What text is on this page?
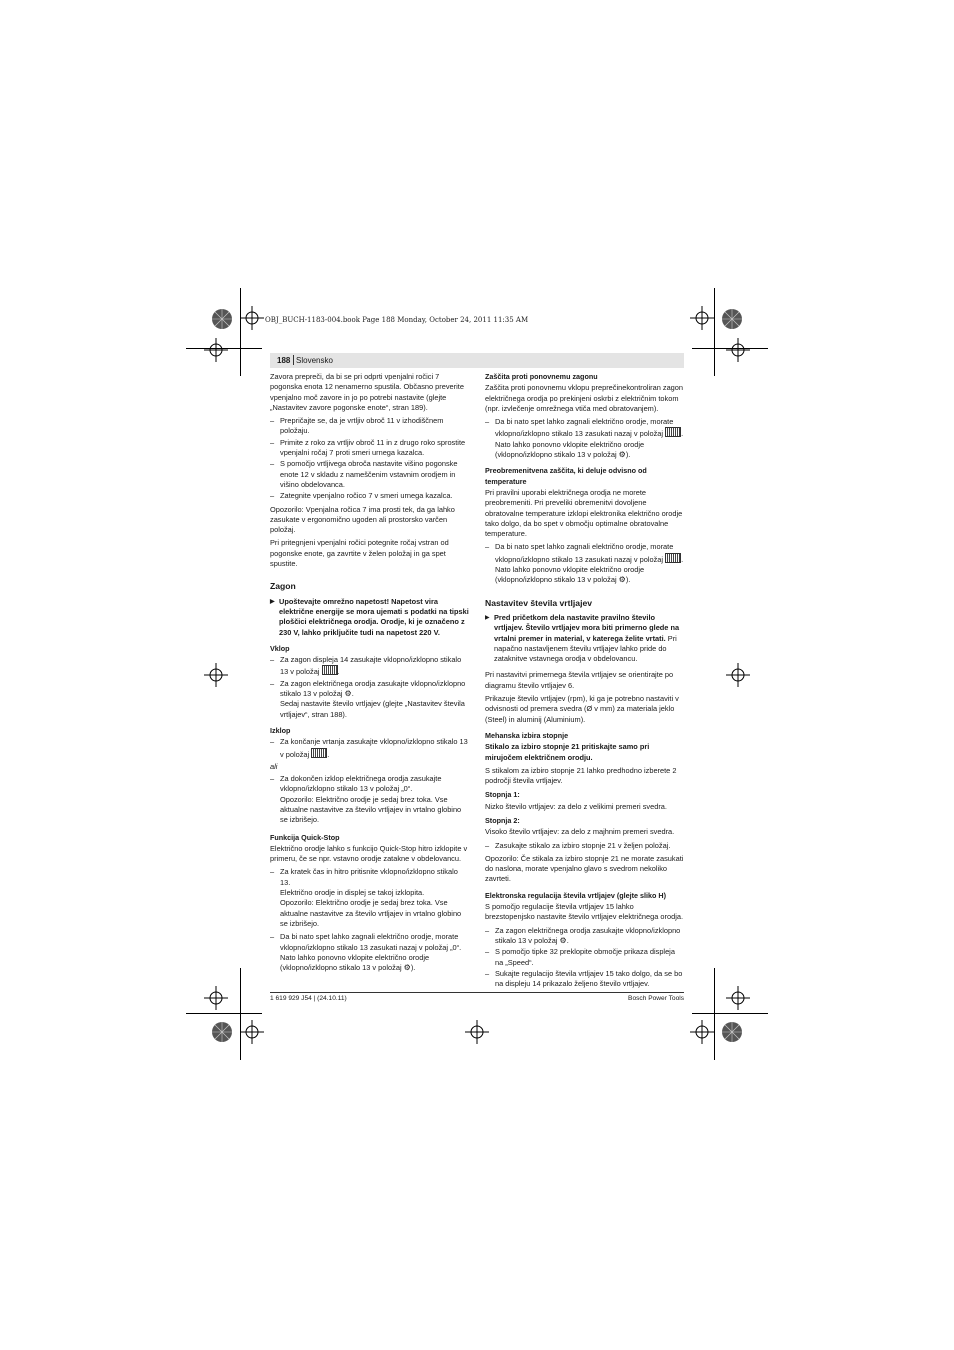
OBJ_BUCH-1183-004.book Page 188 Monday, October 24, 2011 11:35 AM
188 Slovensko

Zavora prepreči, da bi se pri odprti vpenjalni ročici 7 pogonska enota 12 nenamerno spustila. Občasno preverite vpenjalno moč zavore in jo po potrebi nastavite (glejte „Nastavitev zavore pogonske enote“, stran 189).

– Prepričajte se, da je vrtljiv obroč 11 v izhodiščnem položaju.
– Primite z roko za vrtljiv obroč 11 in z drugo roko sprostite vpenjalni ročaj 7 proti smeri urnega kazalca.
– S pomočjo vrtljivega obroča nastavite višino pogonske enote 12 v skladu z nameščenim vstavnim orodjem in višino obdelovanca.
– Zategnite vpenjalno ročico 7 v smeri urnega kazalca.

Opozorilo: Vpenjalna ročica 7 ima prosti tek, da ga lahko zasukate v ergonomično ugoden ali prostorsko varčen položaj.

Pri pritegnjeni vpenjalni ročici potegnite ročaj vstran od pogonske enote, ga zavrtite v želen položaj in ga spet spustite.

Zagon
▶ Upoštevajte omrežno napetost! Napetost vira električne energije se mora ujemati s podatki na tipski ploščici električnega orodja. Orodje, ki je označeno z 230 V, lahko priključite tudi na napetost 220 V.
Vklop
– Za zagon displeja 14 zasukajte vklopno/izklopno stikalo 13 v položaj .
– Za zagon električnega orodja zasukajte vklopno/izklopno stikalo 13 v položaj ⚙.
Sedaj nastavite število vrtljajev (glejte „Nastavitev števila vrtljajev“, stran 188).
Izklop
– Za končanje vrtanja zasukajte vklopno/izklopno stikalo 13 v položaj .
ali
– Za dokončen izklop električnega orodja zasukajte vklopno/izklopno stikalo 13 v položaj „0“.
Opozorilo: Električno orodje je sedaj brez toka. Vse aktualne nastavitve za število vrtljajev in vrtalno globino se izbrišejo.
Funkcija Quick-Stop

Električno orodje lahko s funkcijo Quick-Stop hitro izklopite v primeru, če se npr. vstavno orodje zatakne v obdelovancu.

– Za kratek čas in hitro pritisnite vklopno/izklopno stikalo 13.
Električno orodje in displej se takoj izklopita.
Opozorilo: Električno orodje je sedaj brez toka. Vse aktualne nastavitve za število vrtljajev in vrtalno globino se izbrišejo.
– Da bi nato spet lahko zagnali električno orodje, morate vklopno/izklopno stikalo 13 zasukati nazaj v položaj „0“. Nato lahko ponovno vklopite električno orodje (vklopno/izklopno stikalo 13 v položaj ⚙).
Zaščita proti ponovnemu zagonu

Zaščita proti ponovnemu vklopu preprečinekontroliran zagon električnega orodja po prekinjeni oskrbi z električnim tokom (npr. izvlečenje omrežnega vtiča med obratovanjem).

– Da bi nato spet lahko zagnali električno orodje, morate vklopno/izklopno stikalo 13 zasukati nazaj v položaj .
Nato lahko ponovno vklopite električno orodje (vklopno/izklopno stikalo 13 v položaj ⚙).
Preobremenitvena zaščita, ki deluje odvisno od temperature

Pri pravilni uporabi električnega orodja ne morete preobremeniti. Pri preveliki obremenitvi dovoljene obratovalne temperature izklopi elektronika električno orodje tako dolgo, da bo spet v območju optimalne obratovalne temperature.

– Da bi nato spet lahko zagnali električno orodje, morate vklopno/izklopno stikalo 13 zasukati nazaj v položaj .
Nato lahko ponovno vklopite električno orodje (vklopno/izklopno stikalo 13 v položaj ⚙).
Nastavitev števila vrtljajev
▶ Pred pričetkom dela nastavite pravilno število vrtljajev. Število vrtljajev mora biti primerno glede na vrtalni premer in material, v katerega želite vrtati. Pri napačno nastavljenem številu vrtljajev lahko pride do zataknitve vstavnega orodja v obdelovancu.

Pri nastavitvi primernega števila vrtljajev se orientirajte po diagramu število vrtljajev 6.

Prikazuje število vrtljajev (rpm), ki ga je potrebno nastaviti v odvisnosti od premera svedra (Ø v mm) za materiala jeklo (Steel) in aluminij (Aluminium).

Mehanska izbira stopnje

Stikalo za izbiro stopnje 21 pritiskajte samo pri mirujočem električnem orodju.

S stikalom za izbiro stopnje 21 lahko predhodno izberete 2 področji števila vrtljajev.

Stopnja 1:

Nizko število vrtljajev: za delo z velikimi premeri svedra.

Stopnja 2:

Visoko število vrtljajev: za delo z majhnim premeri svedra.

– Zasukajte stikalo za izbiro stopnje 21 v željen položaj.

Opozorilo: Če stikala za izbiro stopnje 21 ne morate zasukati do naslona, morate vpenjalno glavo s svedrom nekoliko zavrteti.

Elektronska regulacija števila vrtljajev (glejte sliko H)

S pomočjo regulacije števila vrtljajev 15 lahko brezstopenjsko nastavite število vrtljajev električnega orodja.

– Za zagon električnega orodja zasukajte vklopno/izklopno stikalo 13 v položaj ⚙.
– S pomočjo tipke 32 preklopite območje prikaza displeja na „Speed“.
– Sukajte regulacijo števila vrtljajev 15 tako dolgo, da se bo na displeju 14 prikazalo željeno število vrtljajev.
1 619 929 J54 | (24.10.11)	Bosch Power Tools
